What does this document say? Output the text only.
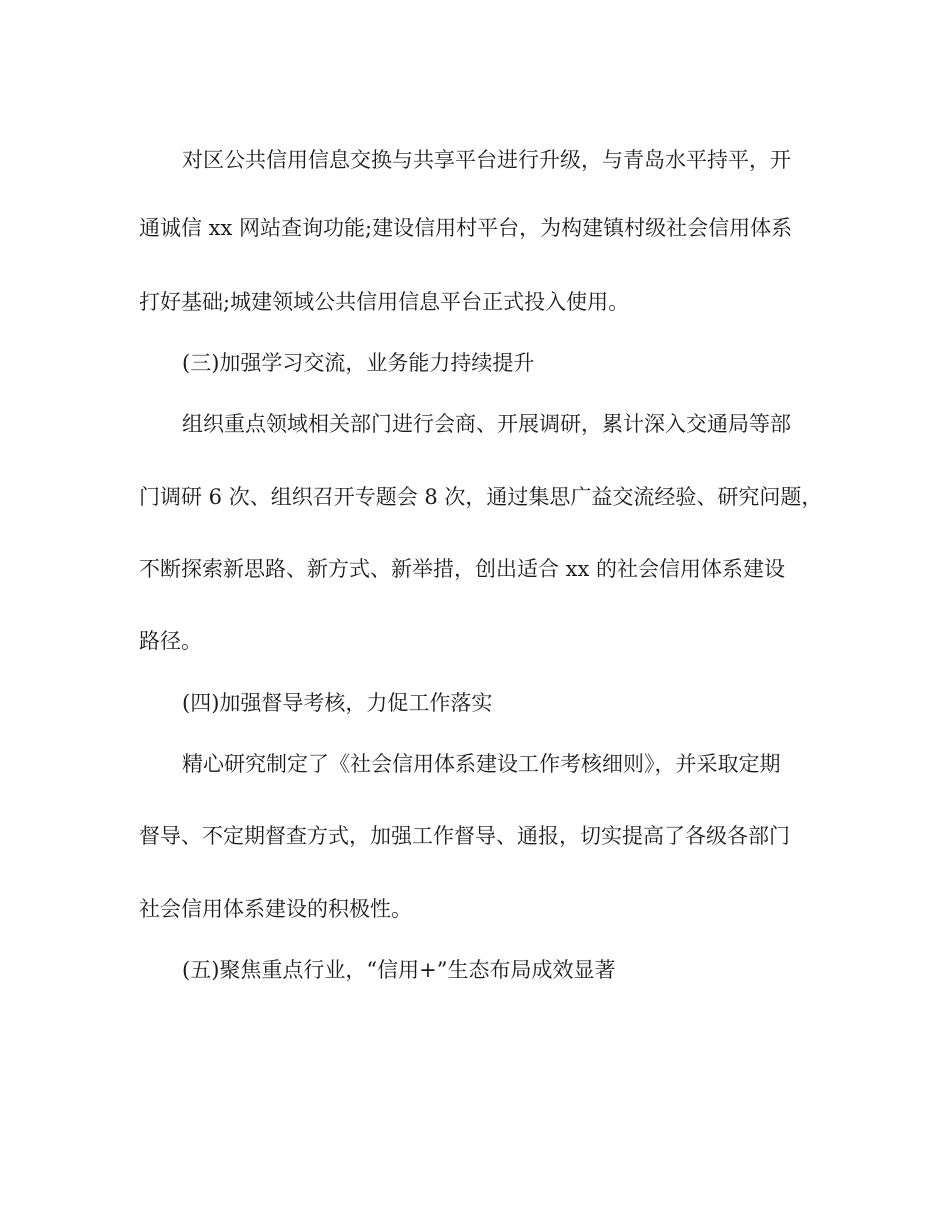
对区公共信用信息交换与共享平台进行升级，与青岛水平持平，开

通诚信 xx 网站查询功能;建设信用村平台，为构建镇村级社会信用体系

打好基础;城建领域公共信用信息平台正式投入使用。

(三)加强学习交流，业务能力持续提升

组织重点领域相关部门进行会商、开展调研，累计深入交通局等部

门调研 6 次、组织召开专题会 8 次，通过集思广益交流经验、研究问题，

不断探索新思路、新方式、新举措，创出适合 xx 的社会信用体系建设

路径。

(四)加强督导考核，力促工作落实

精心研究制定了《社会信用体系建设工作考核细则》，并采取定期

督导、不定期督查方式，加强工作督导、通报，切实提高了各级各部门

社会信用体系建设的积极性。

(五)聚焦重点行业，“信用+”生态布局成效显著
